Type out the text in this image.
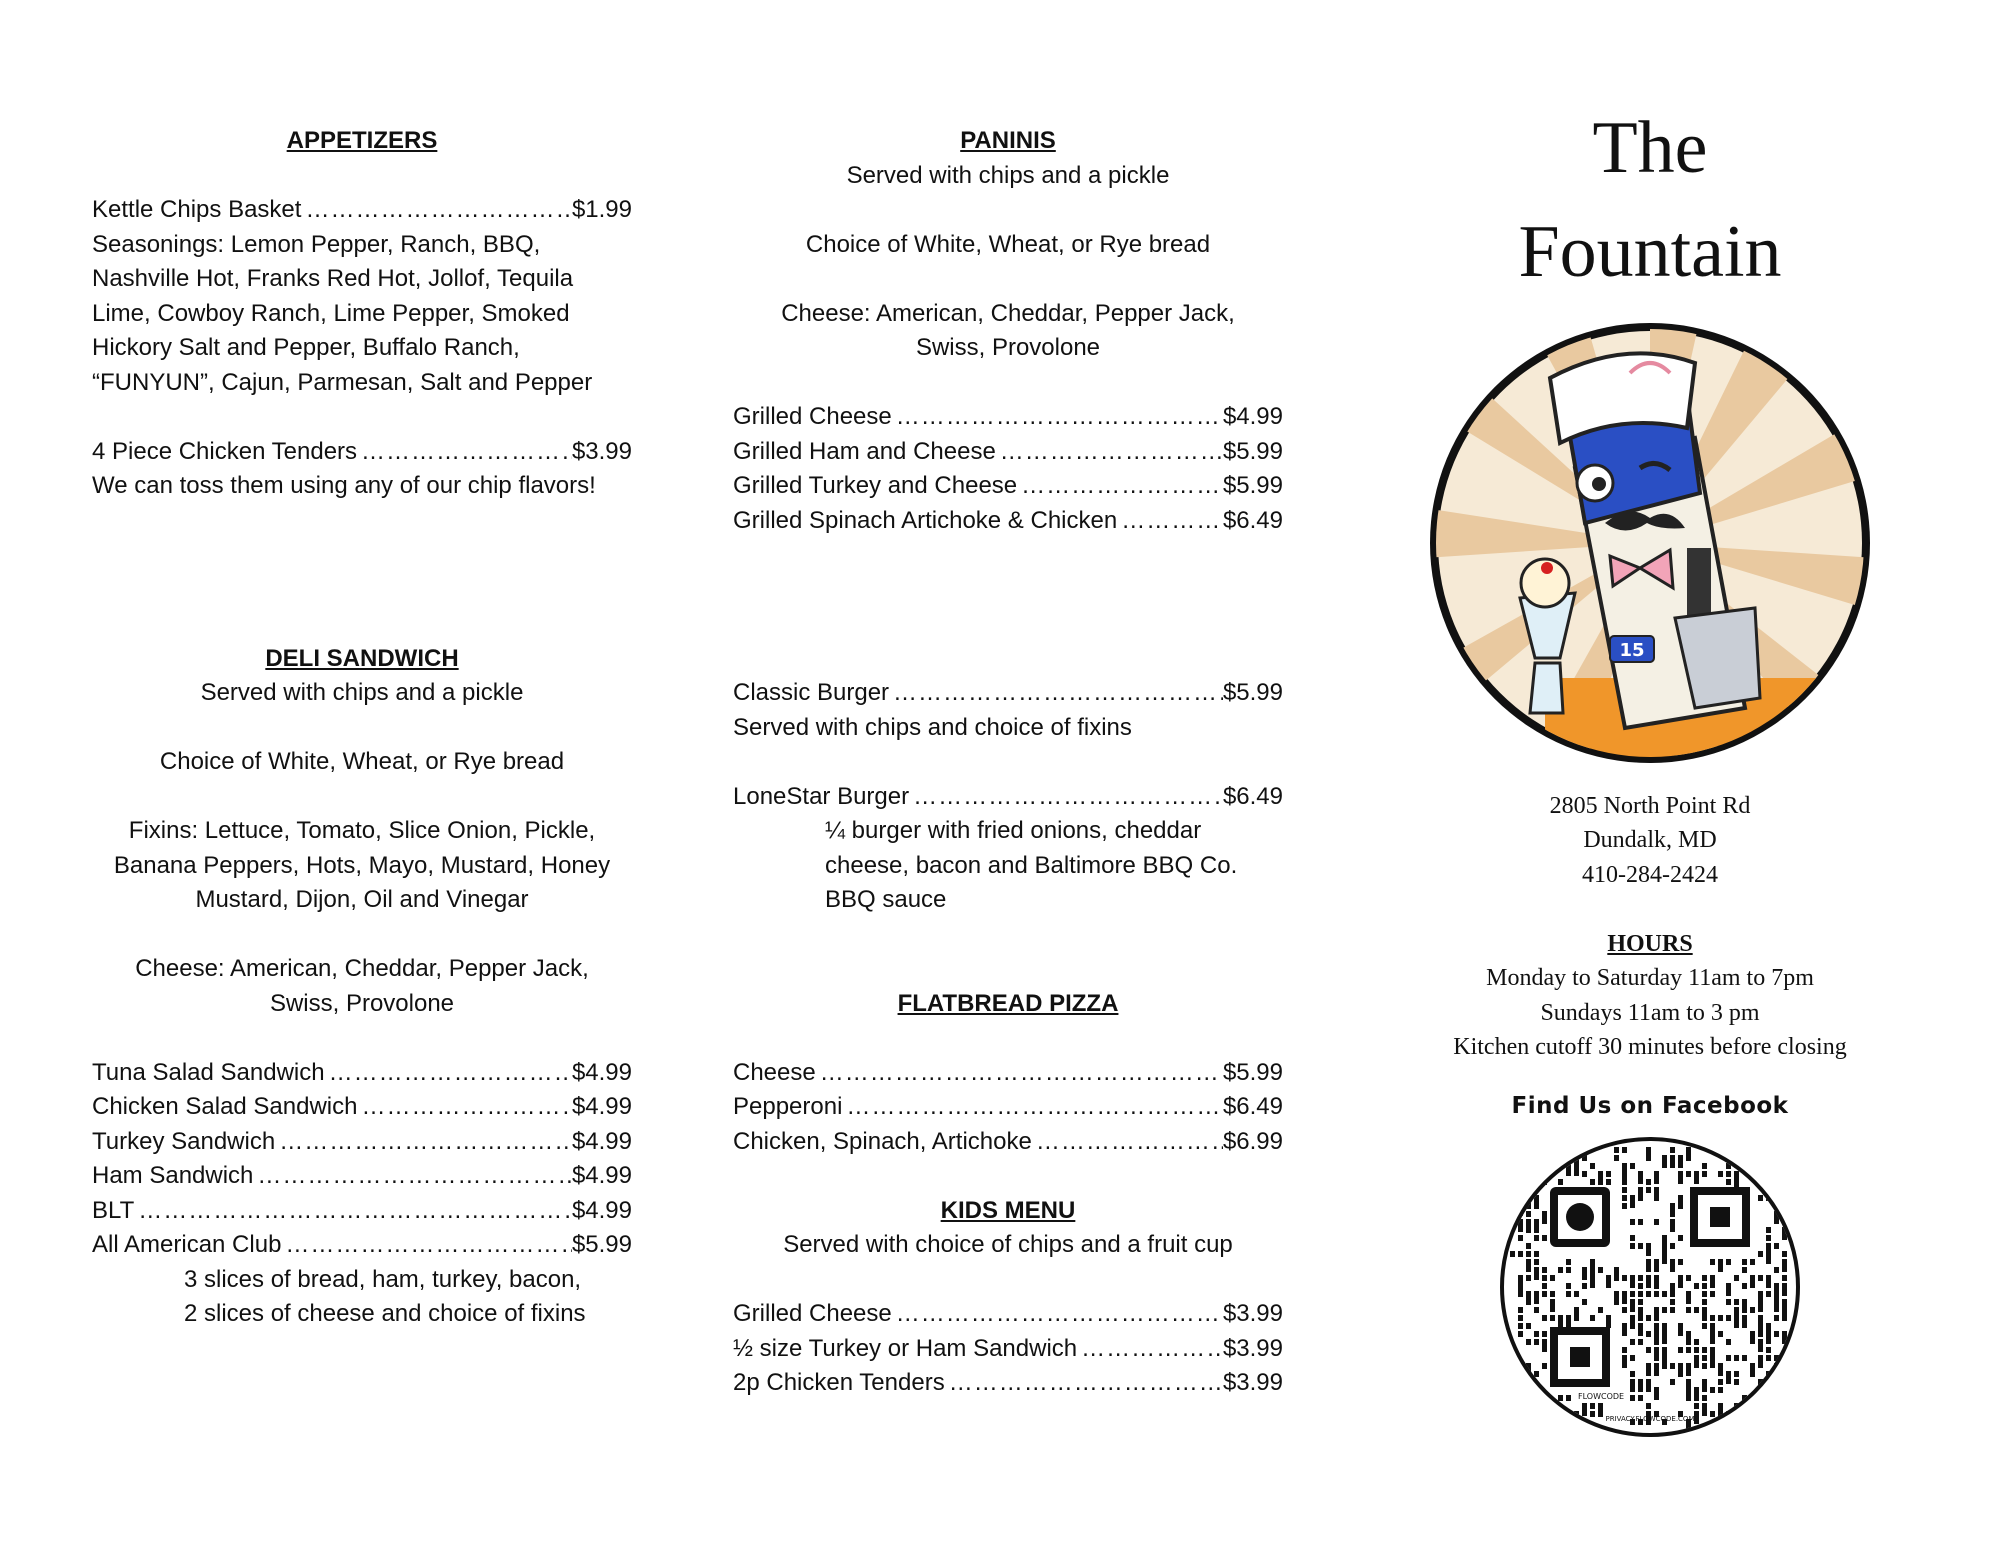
APPETIZERS
Kettle Chips Basket …………………………………………………………………………………………………………	$1.99
Seasonings: Lemon Pepper, Ranch, BBQ,
Nashville Hot, Franks Red Hot, Jollof, Tequila
Lime, Cowboy Ranch, Lime Pepper, Smoked
Hickory Salt and Pepper, Buffalo Ranch,
“FUNYUN”, Cajun, Parmesan, Salt and Pepper
4 Piece Chicken Tenders …………………………………………………………………………………………………………	$3.99
We can toss them using any of our chip flavors!
DELI SANDWICH
Served with chips and a pickle
Choice of White, Wheat, or Rye bread
Fixins: Lettuce, Tomato, Slice Onion, Pickle,
Banana Peppers, Hots, Mayo, Mustard, Honey
Mustard, Dijon, Oil and Vinegar
Cheese: American, Cheddar, Pepper Jack,
Swiss, Provolone
Tuna Salad Sandwich …………………………………………………………………………………………………………	$4.99
Chicken Salad Sandwich …………………………………………………………………………………………………………	$4.99
Turkey Sandwich …………………………………………………………………………………………………………	$4.99
Ham Sandwich …………………………………………………………………………………………………………	$4.99
BLT …………………………………………………………………………………………………………	$4.99
All American Club …………………………………………………………………………………………………………	$5.99
3 slices of bread, ham, turkey, bacon,
2 slices of cheese and choice of fixins
PANINIS
Served with chips and a pickle
Choice of White, Wheat, or Rye bread
Cheese: American, Cheddar, Pepper Jack,
Swiss, Provolone
Grilled Cheese …………………………………………………………………………………………………………	$4.99
Grilled Ham and Cheese …………………………………………………………………………………………………………	$5.99
Grilled Turkey and Cheese …………………………………………………………………………………………………………	$5.99
Grilled Spinach Artichoke & Chicken …………………………………………………………………………………………………………	$6.49
Classic Burger …………………………………………………………………………………………………………	$5.99
Served with chips and choice of fixins
LoneStar Burger …………………………………………………………………………………………………………	$6.49
¼ burger with fried onions, cheddar
cheese, bacon and Baltimore BBQ Co.
BBQ sauce
FLATBREAD PIZZA
Cheese …………………………………………………………………………………………………………	$5.99
Pepperoni …………………………………………………………………………………………………………	$6.49
Chicken, Spinach, Artichoke …………………………………………………………………………………………………………	$6.99
KIDS MENU
Served with choice of chips and a fruit cup
Grilled Cheese …………………………………………………………………………………………………………	$3.99
½ size Turkey or Ham Sandwich …………………………………………………………………………………………………………	$3.99
2p Chicken Tenders …………………………………………………………………………………………………………	$3.99
The
Fountain
15
2805 North Point Rd
Dundalk, MD
410-284-2424
HOURS
Monday to Saturday 11am to 7pm
Sundays 11am to 3 pm
Kitchen cutoff 30 minutes before closing
Find Us on Facebook
FLOWCODE
PRIVACY.FLOWCODE.COM
